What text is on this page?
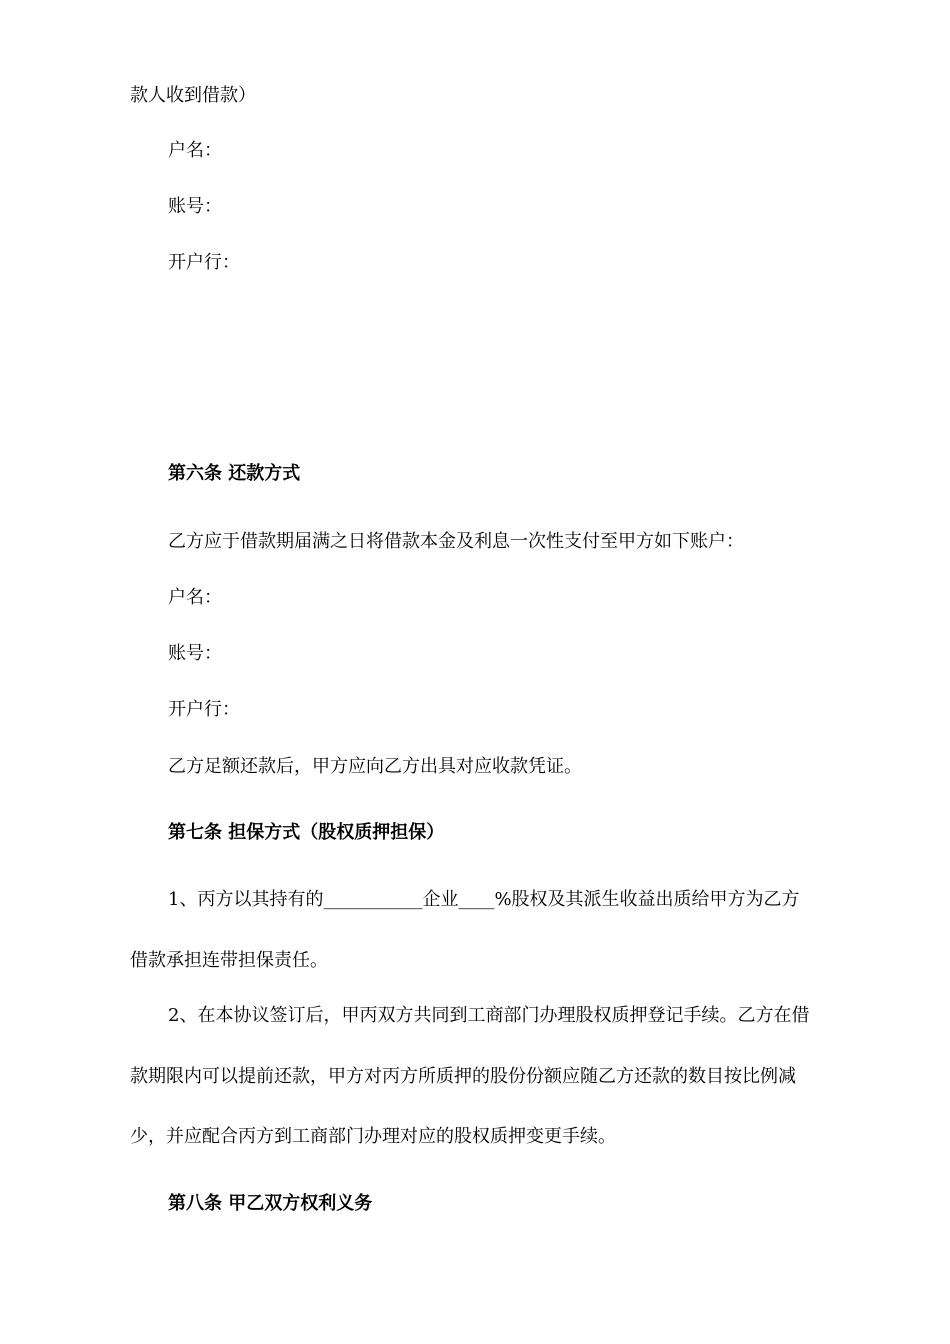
款人收到借款）
户名：
账号：
开户行：
第六条 还款方式
乙方应于借款期届满之日将借款本金及利息一次性支付至甲方如下账户：
户名：
账号：
开户行：
乙方足额还款后，甲方应向乙方出具对应收款凭证。
第七条 担保方式（股权质押担保）
1、丙方以其持有的___________企业____%股权及其派生收益出质给甲方为乙方
借款承担连带担保责任。
2、在本协议签订后，甲丙双方共同到工商部门办理股权质押登记手续。乙方在借
款期限内可以提前还款，甲方对丙方所质押的股份份额应随乙方还款的数目按比例减
少，并应配合丙方到工商部门办理对应的股权质押变更手续。
第八条 甲乙双方权利义务
